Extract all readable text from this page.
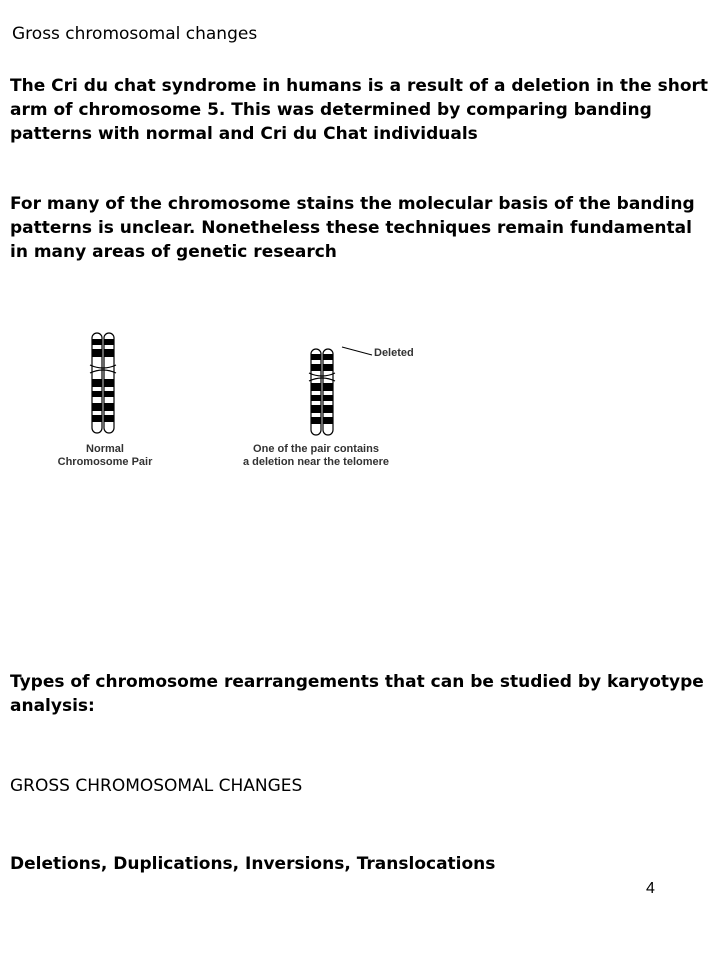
Gross chromosomal changes

The Cri du chat syndrome in humans is a result of a deletion in the short arm of chromosome 5. This was determined by comparing banding patterns with normal and Cri du Chat individuals

For many of the chromosome stains the molecular basis of the banding patterns is unclear. Nonetheless these techniques remain fundamental in many areas of genetic research

Deleted
Normal
Chromosome Pair
One of the pair contains
a deletion near the telomere

Types of chromosome rearrangements that can be studied by karyotype analysis:

GROSS CHROMOSOMAL CHANGES

Deletions, Duplications, Inversions, Translocations

4
